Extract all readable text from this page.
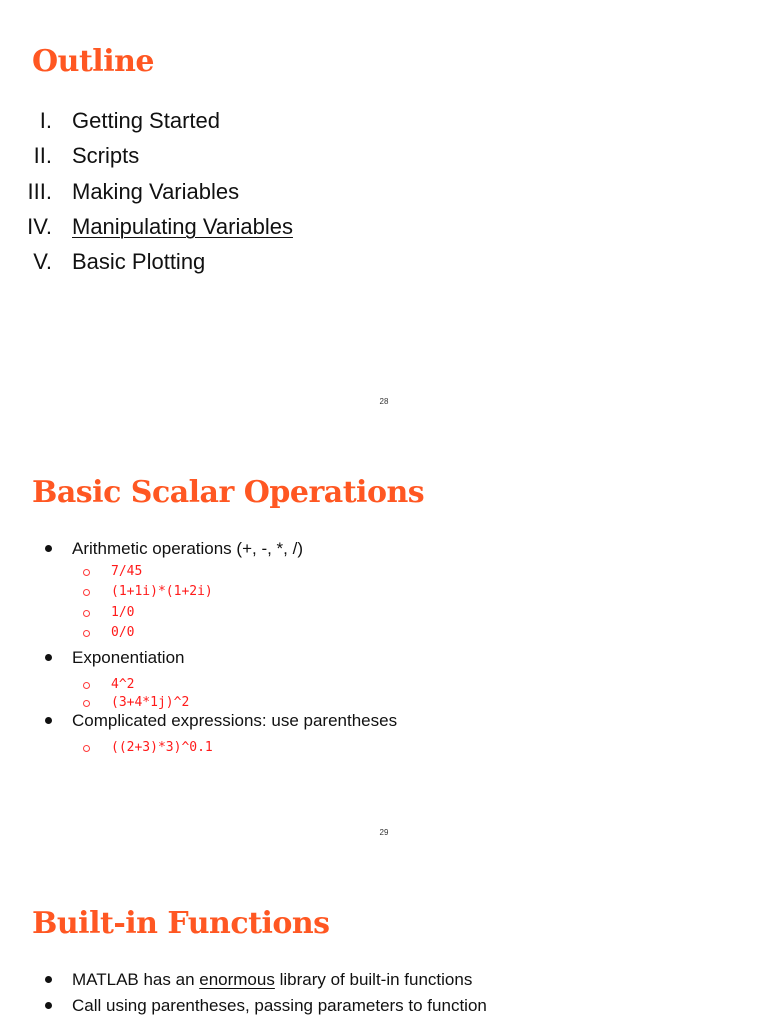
Outline
I. Getting Started
II. Scripts
III. Making Variables
IV. Manipulating Variables
V. Basic Plotting
28
Basic Scalar Operations
Arithmetic operations (+, -, *, /)
7/45
(1+1i)*(1+2i)
1/0
0/0
Exponentiation
4^2
(3+4*1j)^2
Complicated expressions: use parentheses
((2+3)*3)^0.1
29
Built-in Functions
MATLAB has an enormous library of built-in functions
Call using parentheses, passing parameters to function
